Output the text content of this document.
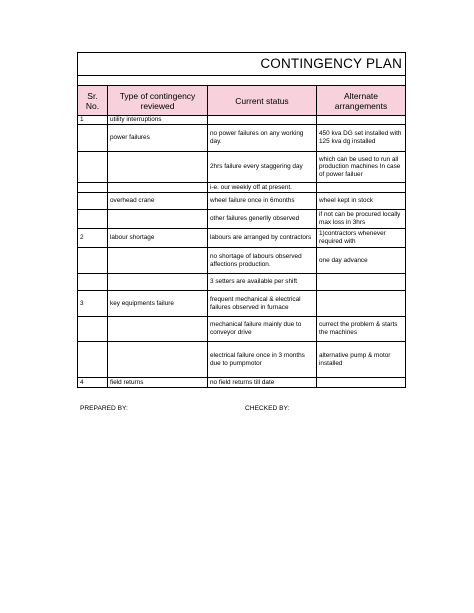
CONTINGENCY PLAN			

Sr. No.	Type of contingency reviewed	Current status	Alternate arrangements
1	utility interruptions		
	power failures	no power failures on any working day.	450 kva DG set installed with 125 kva dg installed
		2hrs failure every staggering day	which can be used to run all production machines In case of power failuer
		i-e. our weekly off at present.	
	overhead crane	wheel failure once in 6months	wheel kept in stock
		other failures generlly observed	if not can be procured locally max loss in 3hrs
2	labour shortage	labours are arranged by contractors	1)contractors whenever required with
		no shortage of labours observed affections production.	one day advance
		3 setters are available per shift	
3	key equipments failure	frequent mechanical & electrical failures observed in furnace	
		mechanical failure mainly due to conveyor drive	currect the problem & starts the machines
		electrical failure once in 3 months due to pumpmotor	alternative pump & motor installed
4	field returns	no field returns till date	
PREPARED BY:	CHECKED BY:
